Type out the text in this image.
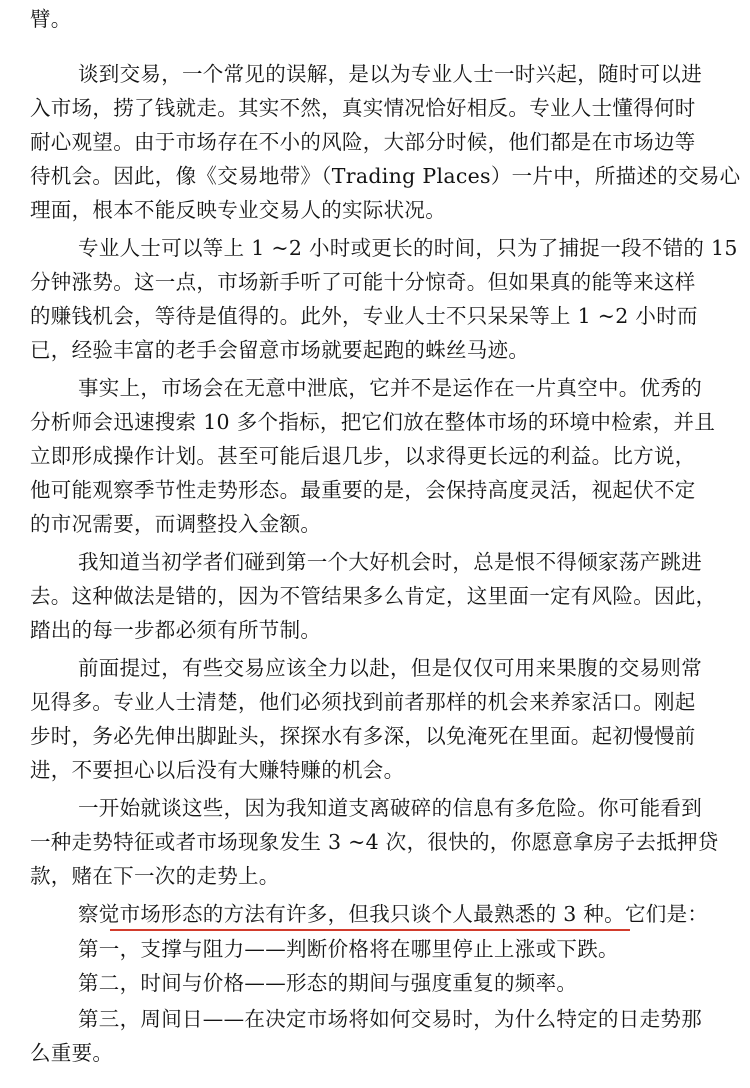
臂。
谈到交易，一个常见的误解，是以为专业人士一时兴起，随时可以进
入市场，捞了钱就走。其实不然，真实情况恰好相反。专业人士懂得何时
耐心观望。由于市场存在不小的风险，大部分时候，他们都是在市场边等
待机会。因此，像《交易地带》（Trading Places）一片中，所描述的交易心
理面，根本不能反映专业交易人的实际状况。
专业人士可以等上 1 ~2 小时或更长的时间，只为了捕捉一段不错的 15
分钟涨势。这一点，市场新手听了可能十分惊奇。但如果真的能等来这样
的赚钱机会，等待是值得的。此外，专业人士不只呆呆等上 1 ~2 小时而
已，经验丰富的老手会留意市场就要起跑的蛛丝马迹。
事实上，市场会在无意中泄底，它并不是运作在一片真空中。优秀的
分析师会迅速搜索 10 多个指标，把它们放在整体市场的环境中检索，并且
立即形成操作计划。甚至可能后退几步，以求得更长远的利益。比方说，
他可能观察季节性走势形态。最重要的是，会保持高度灵活，视起伏不定
的市况需要，而调整投入金额。
我知道当初学者们碰到第一个大好机会时，总是恨不得倾家荡产跳进
去。这种做法是错的，因为不管结果多么肯定，这里面一定有风险。因此，
踏出的每一步都必须有所节制。
前面提过，有些交易应该全力以赴，但是仅仅可用来果腹的交易则常
见得多。专业人士清楚，他们必须找到前者那样的机会来养家活口。刚起
步时，务必先伸出脚趾头，探探水有多深，以免淹死在里面。起初慢慢前
进，不要担心以后没有大赚特赚的机会。
一开始就谈这些，因为我知道支离破碎的信息有多危险。你可能看到
一种走势特征或者市场现象发生 3 ~4 次，很快的，你愿意拿房子去抵押贷
款，赌在下一次的走势上。
察觉市场形态的方法有许多，但我只谈个人最熟悉的 3 种。它们是：
第一，支撑与阻力——判断价格将在哪里停止上涨或下跌。
第二，时间与价格——形态的期间与强度重复的频率。
第三，周间日——在决定市场将如何交易时，为什么特定的日走势那
么重要。
